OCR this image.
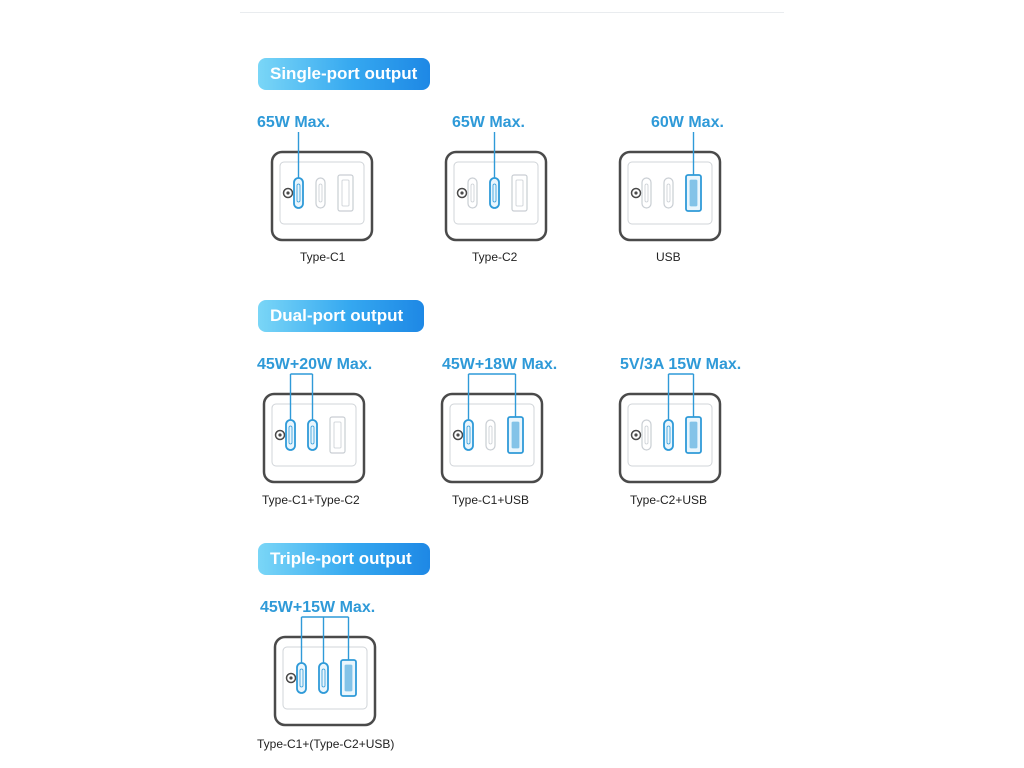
Single-port output
65W Max.
Type-C1
65W Max.
Type-C2
60W Max.
USB
Dual-port output
45W+20W Max.
Type-C1+Type-C2
45W+18W Max.
Type-C1+USB
5V/3A 15W Max.
Type-C2+USB
Triple-port output
45W+15W Max.
Type-C1+(Type-C2+USB)
